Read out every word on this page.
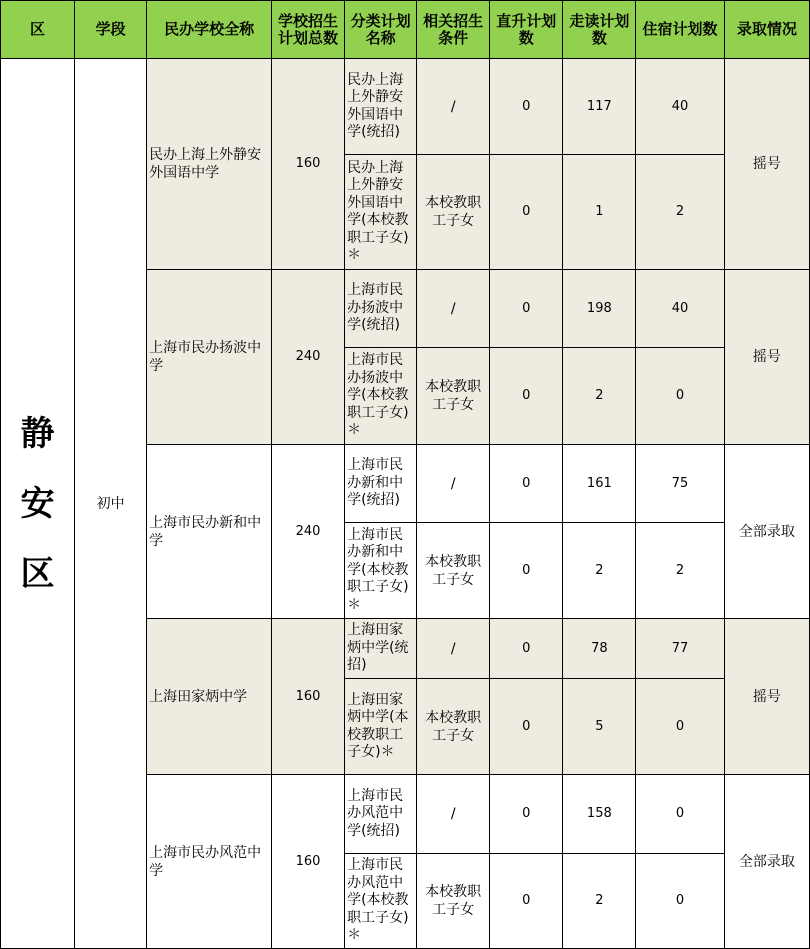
区	学段	民办学校全称	学校招生计划总数	分类计划名称	相关招生条件	直升计划数	走读计划数	住宿计划数	录取情况

静安区	初中	民办上海上外静安外国语中学	160	民办上海上外静安外国语中学(统招)	/	0	117	40	摇号
				民办上海上外静安外国语中学(本校教职工子女)＊	本校教职工子女	0	1	2	
		上海市民办扬波中学	240	上海市民办扬波中学(统招)	/	0	198	40	摇号
				上海市民办扬波中学(本校教职工子女)＊	本校教职工子女	0	2	0	
		上海市民办新和中学	240	上海市民办新和中学(统招)	/	0	161	75	全部录取
				上海市民办新和中学(本校教职工子女)＊	本校教职工子女	0	2	2	
		上海田家炳中学	160	上海田家炳中学(统招)	/	0	78	77	摇号
				上海田家炳中学(本校教职工子女)＊	本校教职工子女	0	5	0	
		上海市民办风范中学	160	上海市民办风范中学(统招)	/	0	158	0	全部录取
				上海市民办风范中学(本校教职工子女)＊	本校教职工子女	0	2	0	
